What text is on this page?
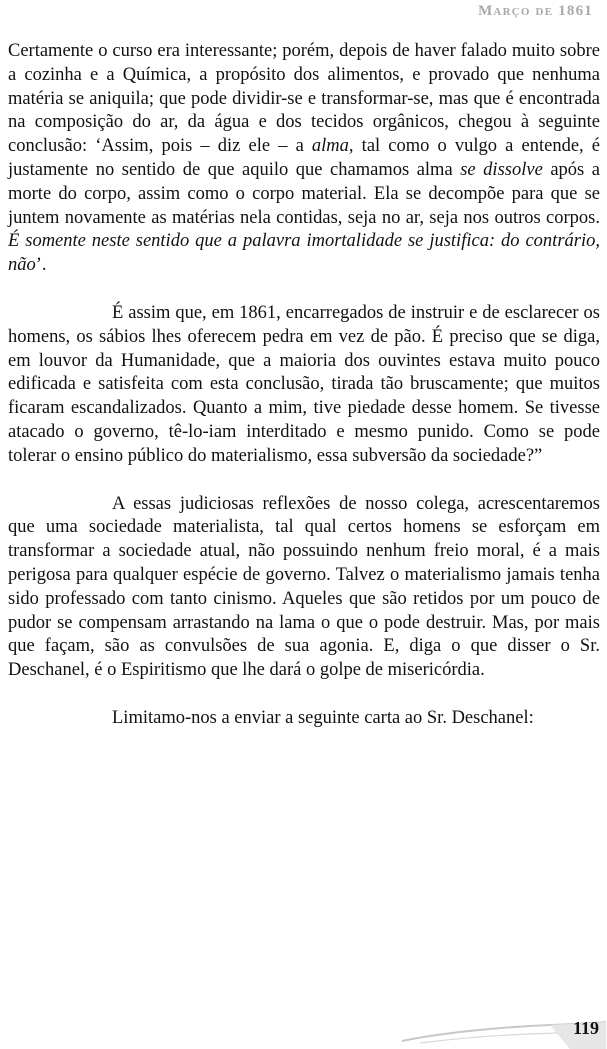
Março de 1861

Certamente o curso era interessante; porém, depois de haver falado muito sobre a cozinha e a Química, a propósito dos alimentos, e provado que nenhuma matéria se aniquila; que pode dividir-se e transformar-se, mas que é encontrada na composição do ar, da água e dos tecidos orgânicos, chegou à seguinte conclusão: ‘Assim, pois – diz ele – a alma, tal como o vulgo a entende, é justamente no sentido de que aquilo que chamamos alma se dissolve após a morte do corpo, assim como o corpo material. Ela se decompõe para que se juntem novamente as matérias nela contidas, seja no ar, seja nos outros corpos. É somente neste sentido que a palavra imortalidade se justifica: do contrário, não’.

É assim que, em 1861, encarregados de instruir e de esclarecer os homens, os sábios lhes oferecem pedra em vez de pão. É preciso que se diga, em louvor da Humanidade, que a maioria dos ouvintes estava muito pouco edificada e satisfeita com esta conclusão, tirada tão bruscamente; que muitos ficaram escandalizados. Quanto a mim, tive piedade desse homem. Se tivesse atacado o governo, tê-lo-iam interditado e mesmo punido. Como se pode tolerar o ensino público do materialismo, essa subversão da sociedade?”

A essas judiciosas reflexões de nosso colega, acrescentaremos que uma sociedade materialista, tal qual certos homens se esforçam em transformar a sociedade atual, não possuindo nenhum freio moral, é a mais perigosa para qualquer espécie de governo. Talvez o materialismo jamais tenha sido professado com tanto cinismo. Aqueles que são retidos por um pouco de pudor se compensam arrastando na lama o que o pode destruir. Mas, por mais que façam, são as convulsões de sua agonia. E, diga o que disser o Sr. Deschanel, é o Espiritismo que lhe dará o golpe de misericórdia.

Limitamo-nos a enviar a seguinte carta ao Sr. Deschanel:

119
